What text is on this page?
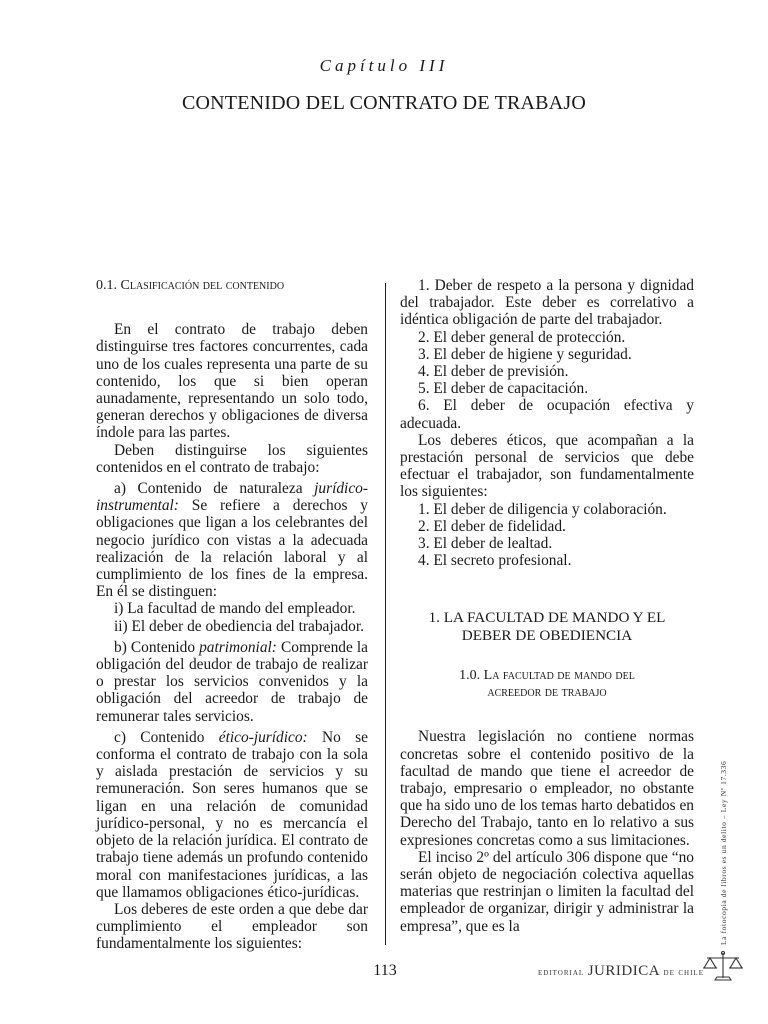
Capítulo III
CONTENIDO DEL CONTRATO DE TRABAJO

0.1. Clasificación del contenido

En el contrato de trabajo deben distinguirse tres factores concurrentes, cada uno de los cuales representa una parte de su contenido, los que si bien operan aunadamente, representando un solo todo, generan derechos y obligaciones de diversa índole para las partes.

Deben distinguirse los siguientes contenidos en el contrato de trabajo:

a) Contenido de naturaleza jurídico-instrumental: Se refiere a derechos y obligaciones que ligan a los celebrantes del negocio jurídico con vistas a la adecuada realización de la relación laboral y al cumplimiento de los fines de la empresa. En él se distinguen:

i) La facultad de mando del empleador.

ii) El deber de obediencia del trabajador.

b) Contenido patrimonial: Comprende la obligación del deudor de trabajo de realizar o prestar los servicios convenidos y la obligación del acreedor de trabajo de remunerar tales servicios.

c) Contenido ético-jurídico: No se conforma el contrato de trabajo con la sola y aislada prestación de servicios y su remuneración. Son seres humanos que se ligan en una relación de comunidad jurídico-personal, y no es mercancía el objeto de la relación jurídica. El contrato de trabajo tiene además un profundo contenido moral con manifestaciones jurídicas, a las que llamamos obligaciones ético-jurídicas.

Los deberes de este orden a que debe dar cumplimiento el empleador son fundamentalmente los siguientes:

1. Deber de respeto a la persona y dignidad del trabajador. Este deber es correlativo a idéntica obligación de parte del trabajador.

2. El deber general de protección.

3. El deber de higiene y seguridad.

4. El deber de previsión.

5. El deber de capacitación.

6. El deber de ocupación efectiva y adecuada.

Los deberes éticos, que acompañan a la prestación personal de servicios que debe efectuar el trabajador, son fundamentalmente los siguientes:

1. El deber de diligencia y colaboración.

2. El deber de fidelidad.

3. El deber de lealtad.

4. El secreto profesional.

1. LA FACULTAD DE MANDO Y EL

DEBER DE OBEDIENCIA

1.0. La facultad de mando del

acreedor de trabajo

Nuestra legislación no contiene normas concretas sobre el contenido positivo de la facultad de mando que tiene el acreedor de trabajo, empresario o empleador, no obstante que ha sido uno de los temas harto debatidos en Derecho del Trabajo, tanto en lo relativo a sus expresiones concretas como a sus limitaciones.

El inciso 2º del artículo 306 dispone que “no serán objeto de negociación colectiva aquellas materias que restrinjan o limiten la facultad del empleador de organizar, dirigir y administrar la empresa”, que es la

113	editorial JURIDICA de chile
La fotocopia de libros es un delito – Ley Nº 17.336
